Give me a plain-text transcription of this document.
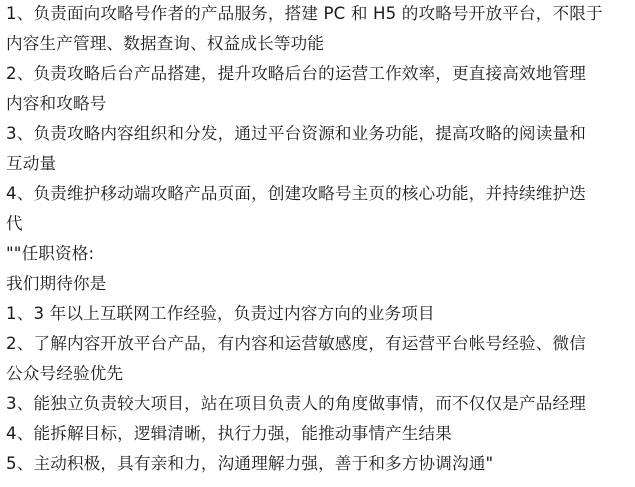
1、负责面向攻略号作者的产品服务，搭建 PC 和 H5 的攻略号开放平台，不限于
内容生产管理、数据查询、权益成长等功能
2、负责攻略后台产品搭建，提升攻略后台的运营工作效率，更直接高效地管理
内容和攻略号
3、负责攻略内容组织和分发，通过平台资源和业务功能，提高攻略的阅读量和
互动量
4、负责维护移动端攻略产品页面，创建攻略号主页的核心功能，并持续维护迭
代
""任职资格:
我们期待你是
1、3 年以上互联网工作经验，负责过内容方向的业务项目
2、了解内容开放平台产品，有内容和运营敏感度，有运营平台帐号经验、微信
公众号经验优先
3、能独立负责较大项目，站在项目负责人的角度做事情，而不仅仅是产品经理
4、能拆解目标，逻辑清晰，执行力强，能推动事情产生结果
5、主动积极，具有亲和力，沟通理解力强，善于和多方协调沟通"
